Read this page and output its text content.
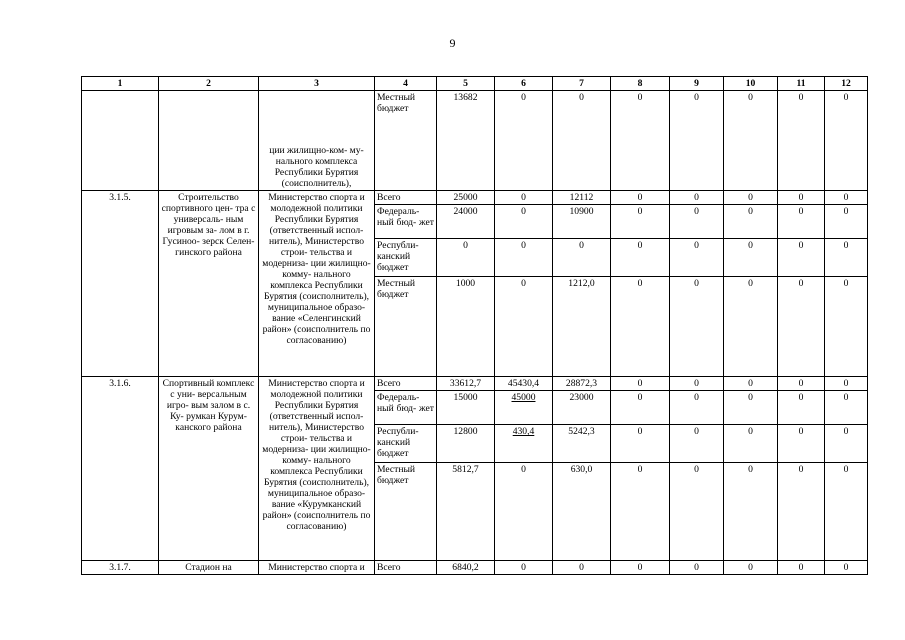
9
1	2	3	4	5	6	7	8	9	10	11	12
		ции жилищно-ком- му-нального комплекса Республики Бурятия (соисполнитель),	Местный бюджет	13682	0	0	0	0	0	0	0
3.1.5.	Строительство спортивного цен- тра с универсаль- ным игровым за- лом в г. Гусиноо- зерск Селен- гинского района	Министерство спорта и молодежной политики Республики Бурятия (ответственный испол- нитель), Министерство строи- тельства и модерниза- ции жилищно-комму- нального комплекса Республики Бурятия (соисполнитель), муниципальное образо- вание «Селенгинский район» (соисполнитель по согласованию)	Всего	25000	0	12112	0	0	0	0	0
			Федераль- ный бюд- жет	24000	0	10900	0	0	0	0	0
			Республи- канский бюджет	0	0	0	0	0	0	0	0
			Местный бюджет	1000	0	1212,0	0	0	0	0	0
3.1.6.	Спортивный комплекс с уни- версальным игро- вым залом в с. Ку- румкан Курум- канского района	Министерство спорта и молодежной политики Республики Бурятия (ответственный испол- нитель), Министерство строи- тельства и модерниза- ции жилищно-комму- нального комплекса Республики Бурятия (соисполнитель), муниципальное образо- вание «Курумканский район» (соисполнитель по согласованию)	Всего	33612,7	45430,4	28872,3	0	0	0	0	0
			Федераль- ный бюд- жет	15000	45000	23000	0	0	0	0	0
			Республи- канский бюджет	12800	430,4	5242,3	0	0	0	0	0
			Местный бюджет	5812,7	0	630,0	0	0	0	0	0
3.1.7.	Стадион на	Министерство спорта и	Всего	6840,2	0	0	0	0	0	0	0
